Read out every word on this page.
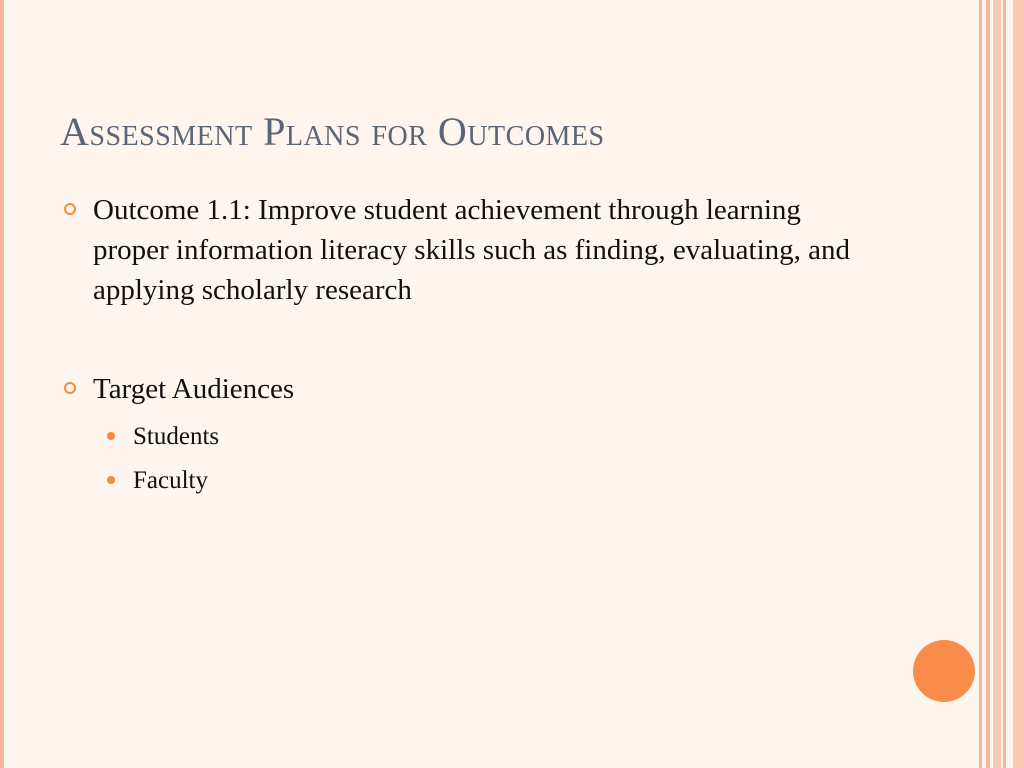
Assessment Plans for Outcomes
Outcome 1.1: Improve student achievement through learning proper information literacy skills such as finding, evaluating, and applying scholarly research
Target Audiences
Students
Faculty
